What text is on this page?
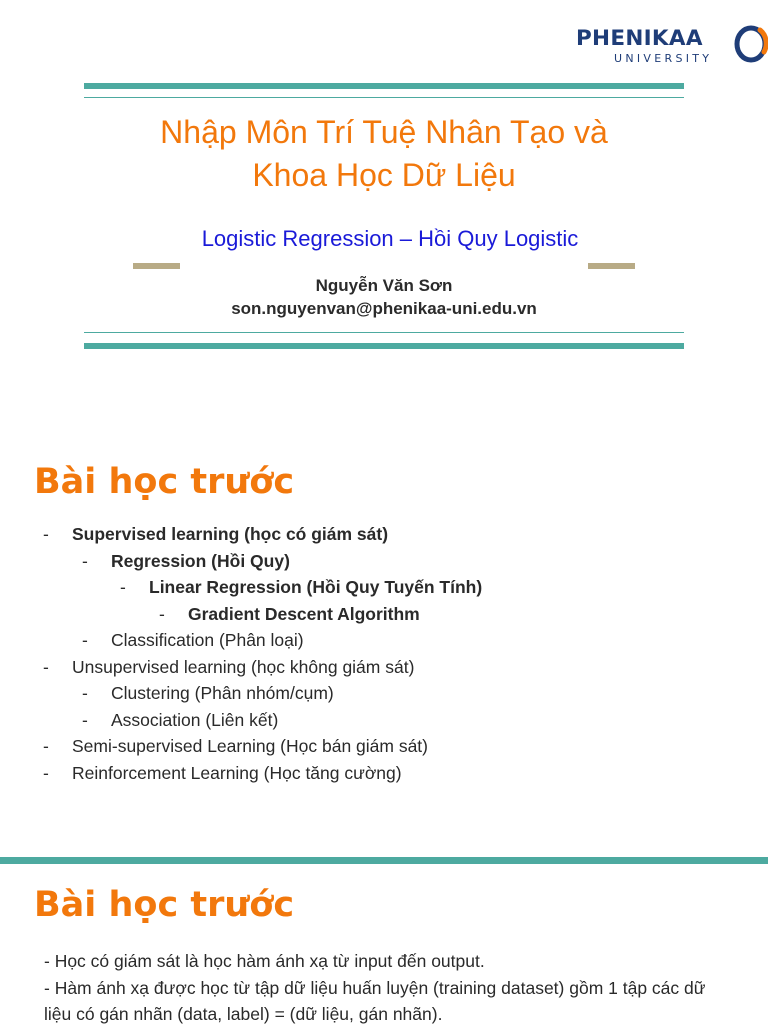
PHENIKAA
UNIVERSITY
Nhập Môn Trí Tuệ Nhân Tạo và
Khoa Học Dữ Liệu
Logistic Regression – Hồi Quy Logistic
Nguyễn Văn Sơn
son.nguyenvan@phenikaa-uni.edu.vn
Bài học trước
- Supervised learning (học có giám sát)
- Regression (Hồi Quy)
- Linear Regression (Hồi Quy Tuyến Tính)
- Gradient Descent Algorithm
- Classification (Phân loại)
- Unsupervised learning (học không giám sát)
- Clustering (Phân nhóm/cụm)
- Association (Liên kết)
- Semi-supervised Learning (Học bán giám sát)
- Reinforcement Learning (Học tăng cường)
Bài học trước

- Học có giám sát là học hàm ánh xạ từ input đến output.

- Hàm ánh xạ được học từ tập dữ liệu huấn luyện (training dataset) gồm 1 tập các dữ liệu có gán nhãn (data, label) = (dữ liệu, gán nhãn).
